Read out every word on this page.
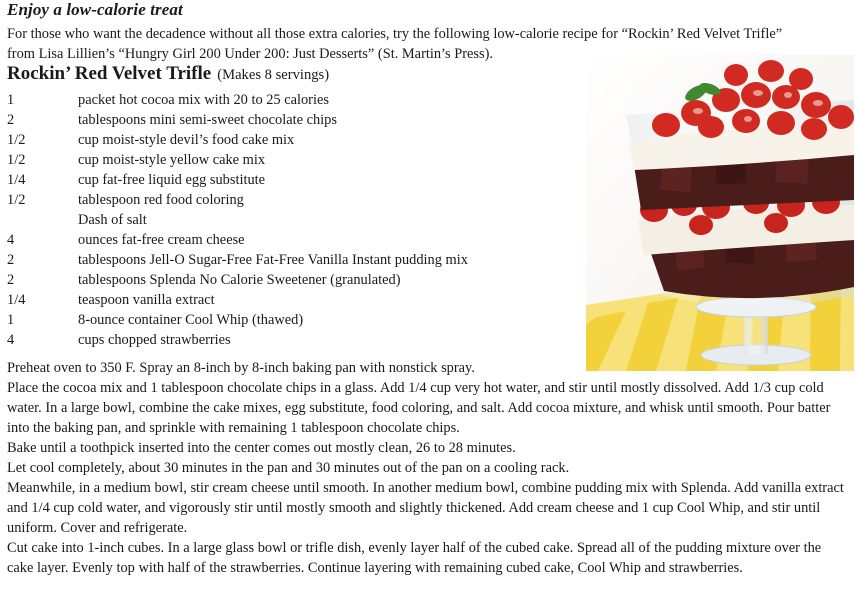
Enjoy a low-calorie treat
For those who want the decadence without all those extra calories, try the following low-calorie recipe for “Rockin’ Red Velvet Trifle” from Lisa Lillien’s “Hungry Girl 200 Under 200: Just Desserts” (St. Martin’s Press).
Rockin’ Red Velvet Trifle (Makes 8 servings)
1	packet hot cocoa mix with 20 to 25 calories
2	tablespoons mini semi-sweet chocolate chips
1/2	cup moist-style devil’s food cake mix
1/2	cup moist-style yellow cake mix
1/4	cup fat-free liquid egg substitute
1/2	tablespoon red food coloring
Dash of salt
4	ounces fat-free cream cheese
2	tablespoons Jell-O Sugar-Free Fat-Free Vanilla Instant pudding mix
2	tablespoons Splenda No Calorie Sweetener (granulated)
1/4	teaspoon vanilla extract
1	8-ounce container Cool Whip (thawed)
4	cups chopped strawberries

Preheat oven to 350 F. Spray an 8-inch by 8-inch baking pan with nonstick spray.

Place the cocoa mix and 1 tablespoon chocolate chips in a glass. Add 1/4 cup very hot water, and stir until mostly dissolved. Add 1/3 cup cold water. In a large bowl, combine the cake mixes, egg substitute, food coloring, and salt. Add cocoa mixture, and whisk until smooth. Pour batter into the baking pan, and sprinkle with remaining 1 tablespoon chocolate chips.

Bake until a toothpick inserted into the center comes out mostly clean, 26 to 28 minutes.

Let cool completely, about 30 minutes in the pan and 30 minutes out of the pan on a cooling rack.

Meanwhile, in a medium bowl, stir cream cheese until smooth. In another medium bowl, combine pudding mix with Splenda. Add vanilla extract and 1/4 cup cold water, and vigorously stir until mostly smooth and slightly thickened. Add cream cheese and 1 cup Cool Whip, and stir until uniform. Cover and refrigerate.

Cut cake into 1-inch cubes. In a large glass bowl or trifle dish, evenly layer half of the cubed cake. Spread all of the pudding mixture over the cake layer. Evenly top with half of the strawberries. Continue layering with remaining cubed cake, Cool Whip and strawberries.
